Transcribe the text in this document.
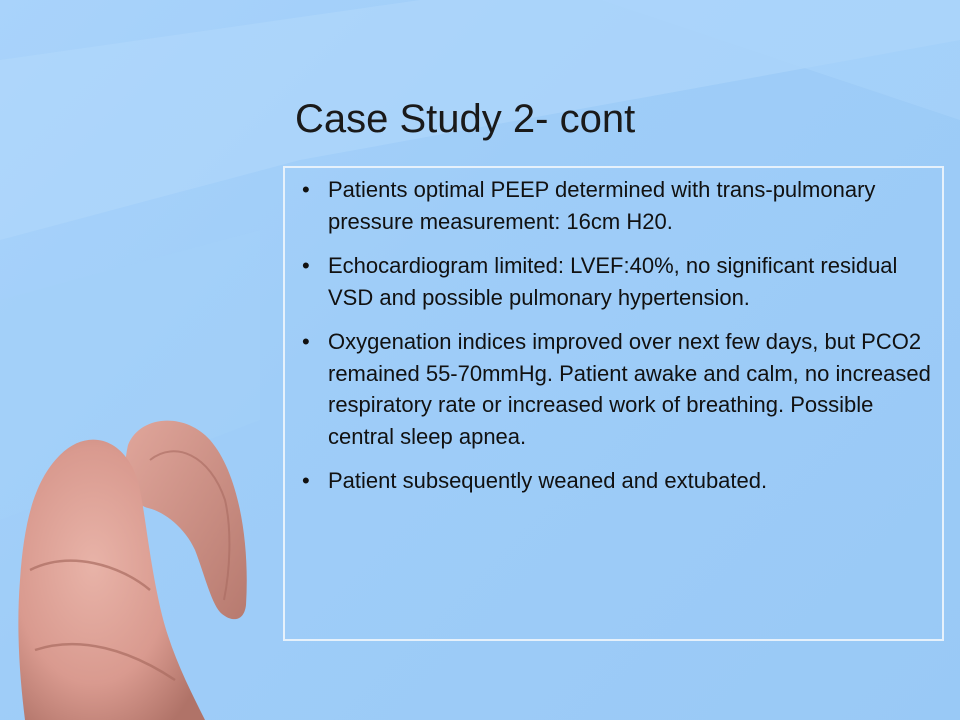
Case Study 2- cont
• Patients optimal PEEP determined with trans-pulmonary pressure measurement: 16cm H20.
• Echocardiogram limited: LVEF:40%, no significant residual VSD and possible pulmonary hypertension.
• Oxygenation indices improved over next few days, but PCO2 remained 55-70mmHg. Patient awake and calm, no increased respiratory rate or increased work of breathing. Possible central sleep apnea.
• Patient subsequently weaned and extubated.
